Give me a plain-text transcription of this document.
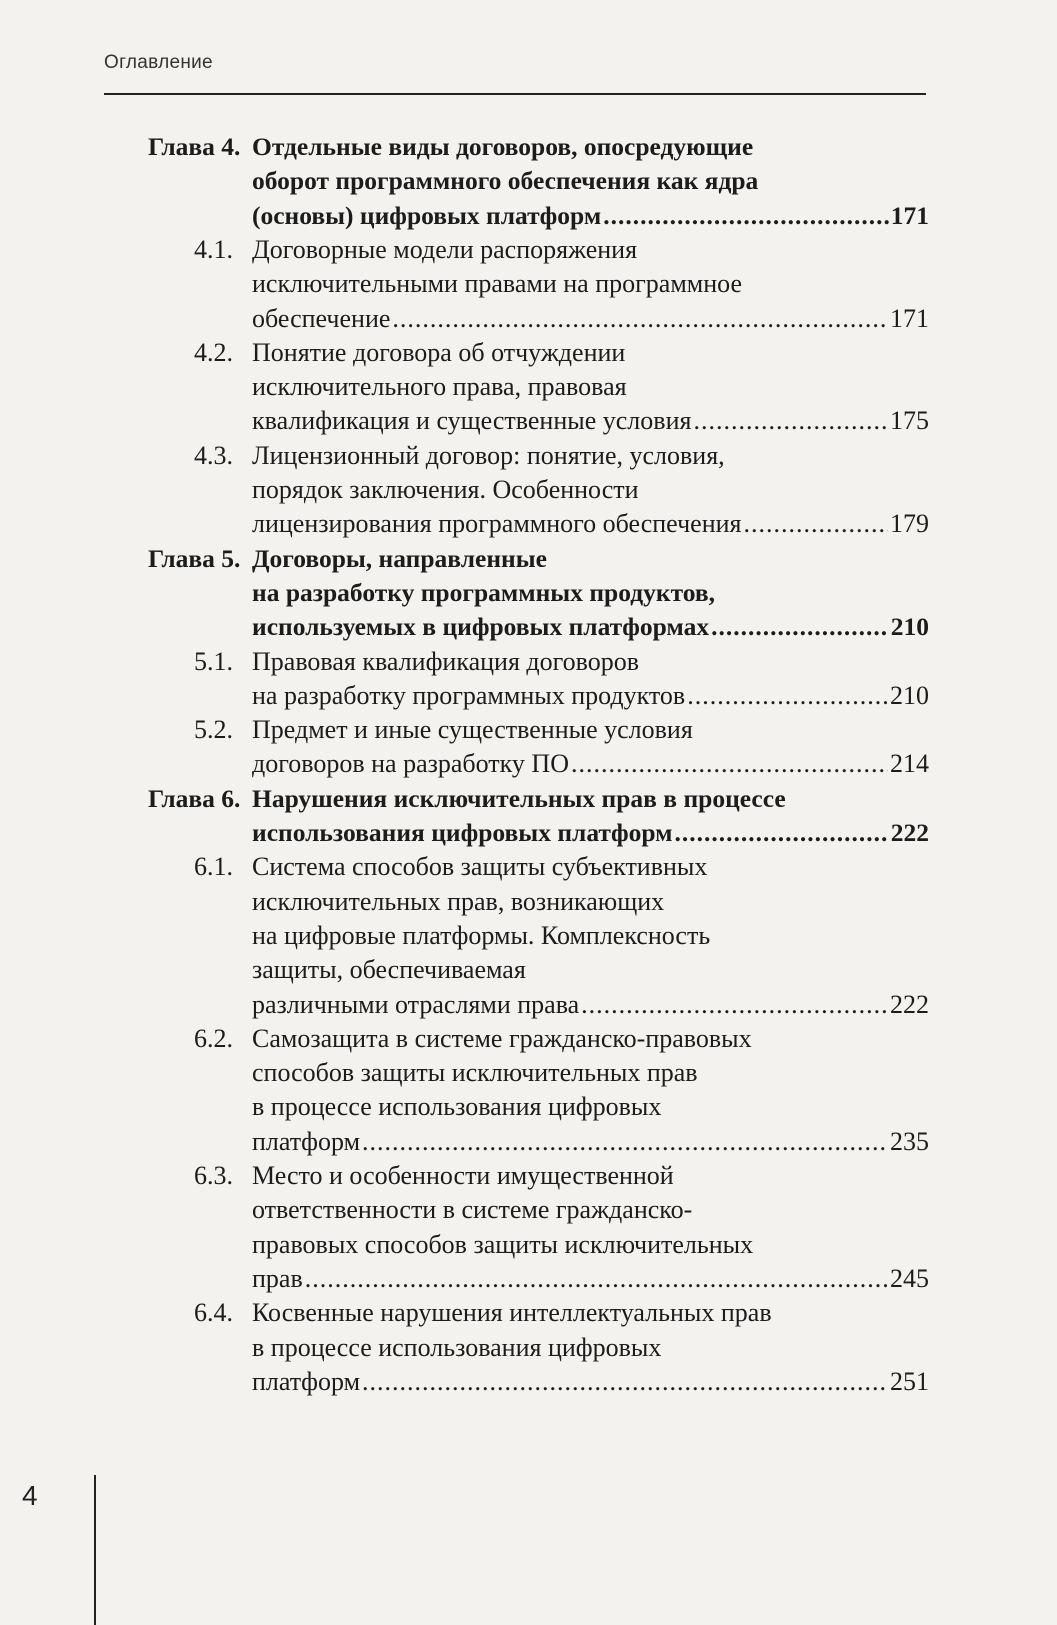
Оглавление
Глава 4. Отдельные виды договоров, опосредующие
оборот программного обеспечения как ядра
(основы) цифровых платформ .....	171
4.1. Договорные модели распоряжения
исключительными правами на программное
обеспечение .....	171
4.2. Понятие договора об отчуждении
исключительного права, правовая
квалификация и существенные условия .....	175
4.3. Лицензионный договор: понятие, условия,
порядок заключения. Особенности
лицензирования программного обеспечения .....	179
Глава 5. Договоры, направленные
на разработку программных продуктов,
используемых в цифровых платформах .....	210
5.1. Правовая квалификация договоров
на разработку программных продуктов .....	210
5.2. Предмет и иные существенные условия
договоров на разработку ПО .....	214
Глава 6. Нарушения исключительных прав в процессе
использования цифровых платформ .....	222
6.1. Система способов защиты субъективных
исключительных прав, возникающих
на цифровые платформы. Комплексность
защиты, обеспечиваемая
различными отраслями права .....	222
6.2. Самозащита в системе гражданско-правовых
способов защиты исключительных прав
в процессе использования цифровых
платформ .....	235
6.3. Место и особенности имущественной
ответственности в системе гражданско-
правовых способов защиты исключительных
прав .....	245
6.4. Косвенные нарушения интеллектуальных прав
в процессе использования цифровых
платформ .....	251
4
